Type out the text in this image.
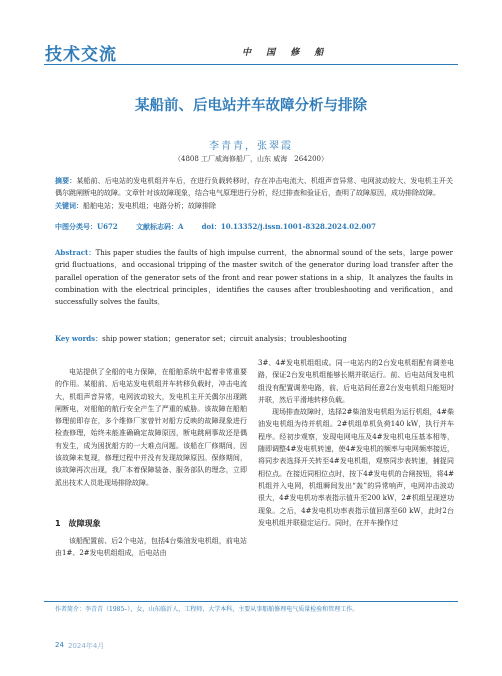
技术交流	中 国 修 船
某船前、后电站并车故障分析与排除
李青青，张翠霞
（4808 工厂威海修船厂，山东 威海　264200）
摘要：某船前、后电站的发电机组并车后，在进行负载转移时，存在冲击电流大、机组声音异常、电网波动较大、发电机主开关偶尔跳闸断电的故障。文章针对该故障现象，结合电气原理进行分析，经过排查和验证后，查明了故障原因，成功排除故障。
关键词：船舶电站；发电机组；电路分析；故障排除
中图分类号：U672	文献标志码：A	doi：10.13352/j.issn.1001-8328.2024.02.007
Abstract：This paper studies the faults of high impulse current，the abnormal sound of the sets，large power grid fluctuations，and occasional tripping of the master switch of the generator during load transfer after the parallel operation of the generator sets of the front and rear power stations in a ship．It analyzes the faults in combination with the electrical principles，identifies the causes after troubleshooting and verification，and successfully solves the faults．
Key words：ship power station；generator set；circuit analysis；troubleshooting
电站提供了全船的电力保障，在船舶系统中起着非常重要的作用。某船前、后电站发电机组并车转移负载时，冲击电流大，机组声音异常，电网波动较大，发电机主开关偶尔出现跳闸断电，对船舶的航行安全产生了严重的威胁。该故障在船舶修理前即存在，多个维修厂家曾针对船方反映的故障现象进行检查修理，始终未能准确确定故障原因，断电跳闸事故还是偶有发生，成为困扰船方的一大难点问题。该船在厂修期间，因该故障未复现，修理过程中并没有发现故障原因。保修期间，该故障再次出现，我厂本着保障装备、服务部队的理念，立即派出技术人员赴现场排除故障。
1　故障现象
该船配置前、后2个电站，包括4台柴油发电机组，前电站由1#、2#发电机组组成，后电站由
3#、4#发电机组组成。同一电站内的2台发电机组配有调差电路，保证2台发电机组能够长期并联运行。前、后电站间发电机组没有配置调差电路，前、后电站间任意2台发电机组只能短时并联，然后平滑地转移负载。
现场排查故障时，选择2#柴油发电机组为运行机组，4#柴油发电机组为待并机组。2#机组单机负荷140 kW，执行并车程序。经初步观察，发现电网电压及4#发电机电压基本相等，随即调整4#发电机转速，使4#发电机的频率与电网频率接近，将同步表选择开关转至4#发电机组，观察同步表转速，捕捉同相位点。在接近同相位点时，按下4#发电机的合闸按钮，将4#机组并入电网，机组瞬间发出“轰”的异常响声，电网冲击波动很大，4#发电机功率表指示值升至200 kW，2#机组呈现逆功现象。之后，4#发电机功率表指示值回落至60 kW，此时2台发电机组并联稳定运行。同时，在并车操作过
作者简介：李青青（1985–），女，山东临沂人，工程师，大学本科，主要从事船舶修理电气质量检验和管理工作。
24 2024年4月
